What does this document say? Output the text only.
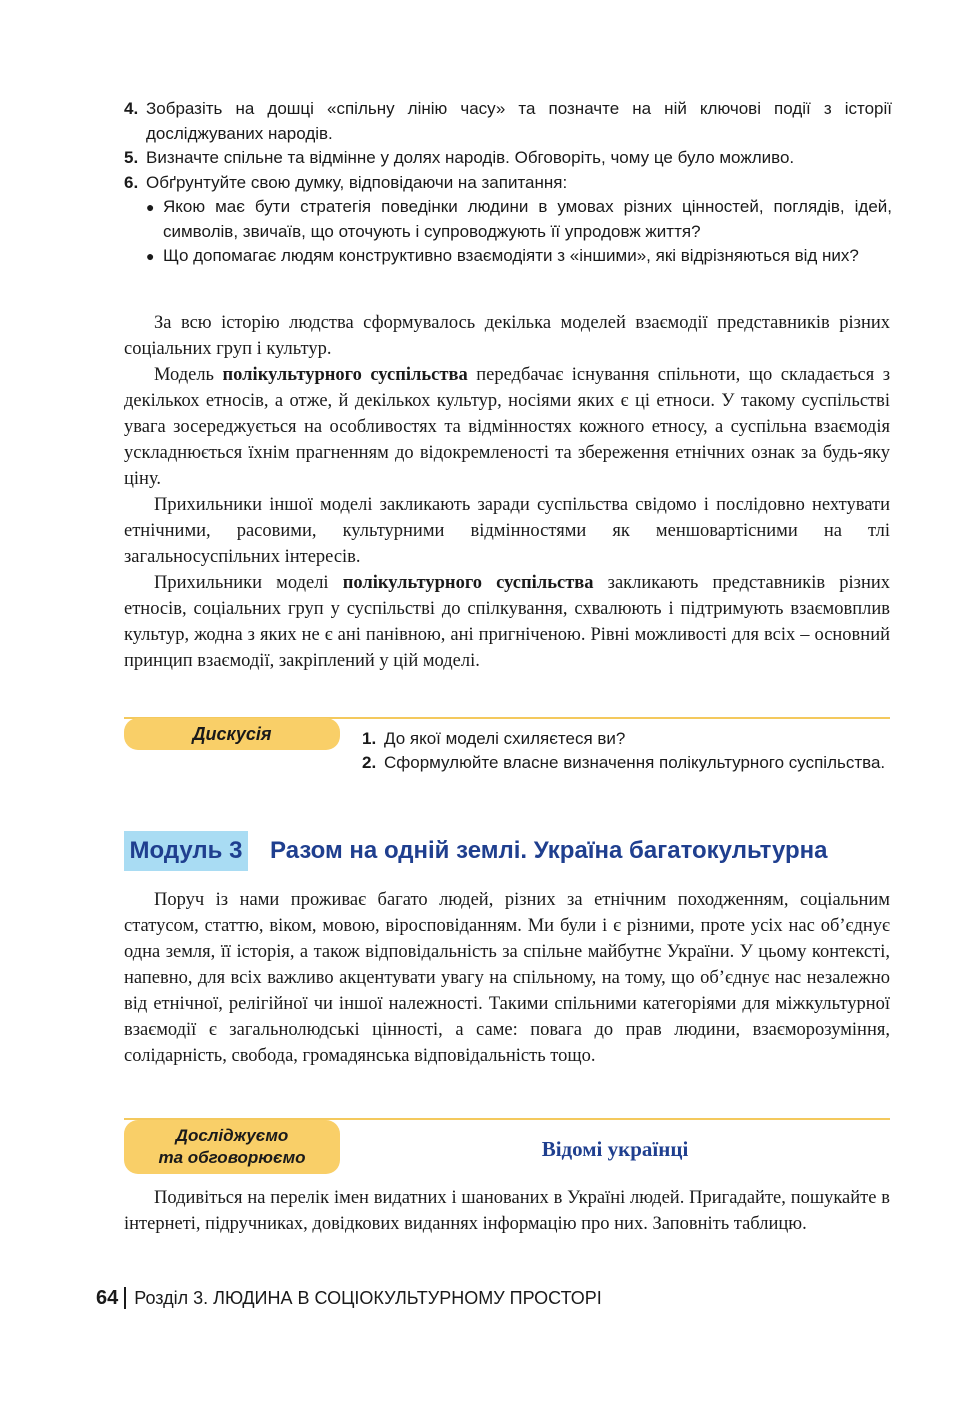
4. Зобразіть на дошці «спільну лінію часу» та позначте на ній ключові події з історії досліджуваних народів.
5. Визначте спільне та відмінне у долях народів. Обговоріть, чому це було можливо.
6. Обґрунтуйте свою думку, відповідаючи на запитання:
● Якою має бути стратегія поведінки людини в умовах різних цінностей, поглядів, ідей, символів, звичаїв, що оточують і супроводжують її упродовж життя?
● Що допомагає людям конструктивно взаємодіяти з «іншими», які відрізняються від них?

За всю історію людства сформувалось декілька моделей взаємодії представників різних соціальних груп і культур.

Модель полікультурного суспільства передбачає існування спільноти, що складається з декількох етносів, а отже, й декількох культур, носіями яких є ці етноси. У такому суспільстві увага зосереджується на особливостях та відмінностях кожного етносу, а суспільна взаємодія ускладнюється їхнім прагненням до відокремленості та збереження етнічних ознак за будь-яку ціну.

Прихильники іншої моделі закликають заради суспільства свідомо і послідовно нехтувати етнічними, расовими, культурними відмінностями як меншовартісними на тлі загальносуспільних інтересів.

Прихильники моделі полікультурного суспільства закликають представників різних етносів, соціальних груп у суспільстві до спілкування, схвалюють і підтримують взаємовплив культур, жодна з яких не є ані панівною, ані пригніченою. Рівні можливості для всіх – основний принцип взаємодії, закріплений у цій моделі.

Дискусія	1. До якої моделі схиляєтеся ви?
2. Сформулюйте власне визначення полікультурного суспільства.
Модуль 3 Разом на одній землі. Україна багатокультурна

Поруч із нами проживає багато людей, різних за етнічним походженням, соціальним статусом, статтю, віком, мовою, віросповіданням. Ми були і є різними, проте усіх нас об’єднує одна земля, її історія, а також відповідальність за спільне майбутнє України. У цьому контексті, напевно, для всіх важливо акцентувати увагу на спільному, на тому, що об’єднує нас незалежно від етнічної, релігійної чи іншої належності. Такими спільними категоріями для міжкультурної взаємодії є загальнолюдські цінності, а саме: повага до прав людини, взаєморозуміння, солідарність, свобода, громадянська відповідальність тощо.

Досліджуємо
та обговорюємо	Відомі українці

Подивіться на перелік імен видатних і шанованих в Україні людей. Пригадайте, пошукайте в інтернеті, підручниках, довідкових виданнях інформацію про них. Заповніть таблицю.

64 Розділ 3. ЛЮДИНА В СОЦІОКУЛЬТУРНОМУ ПРОСТОРІ
